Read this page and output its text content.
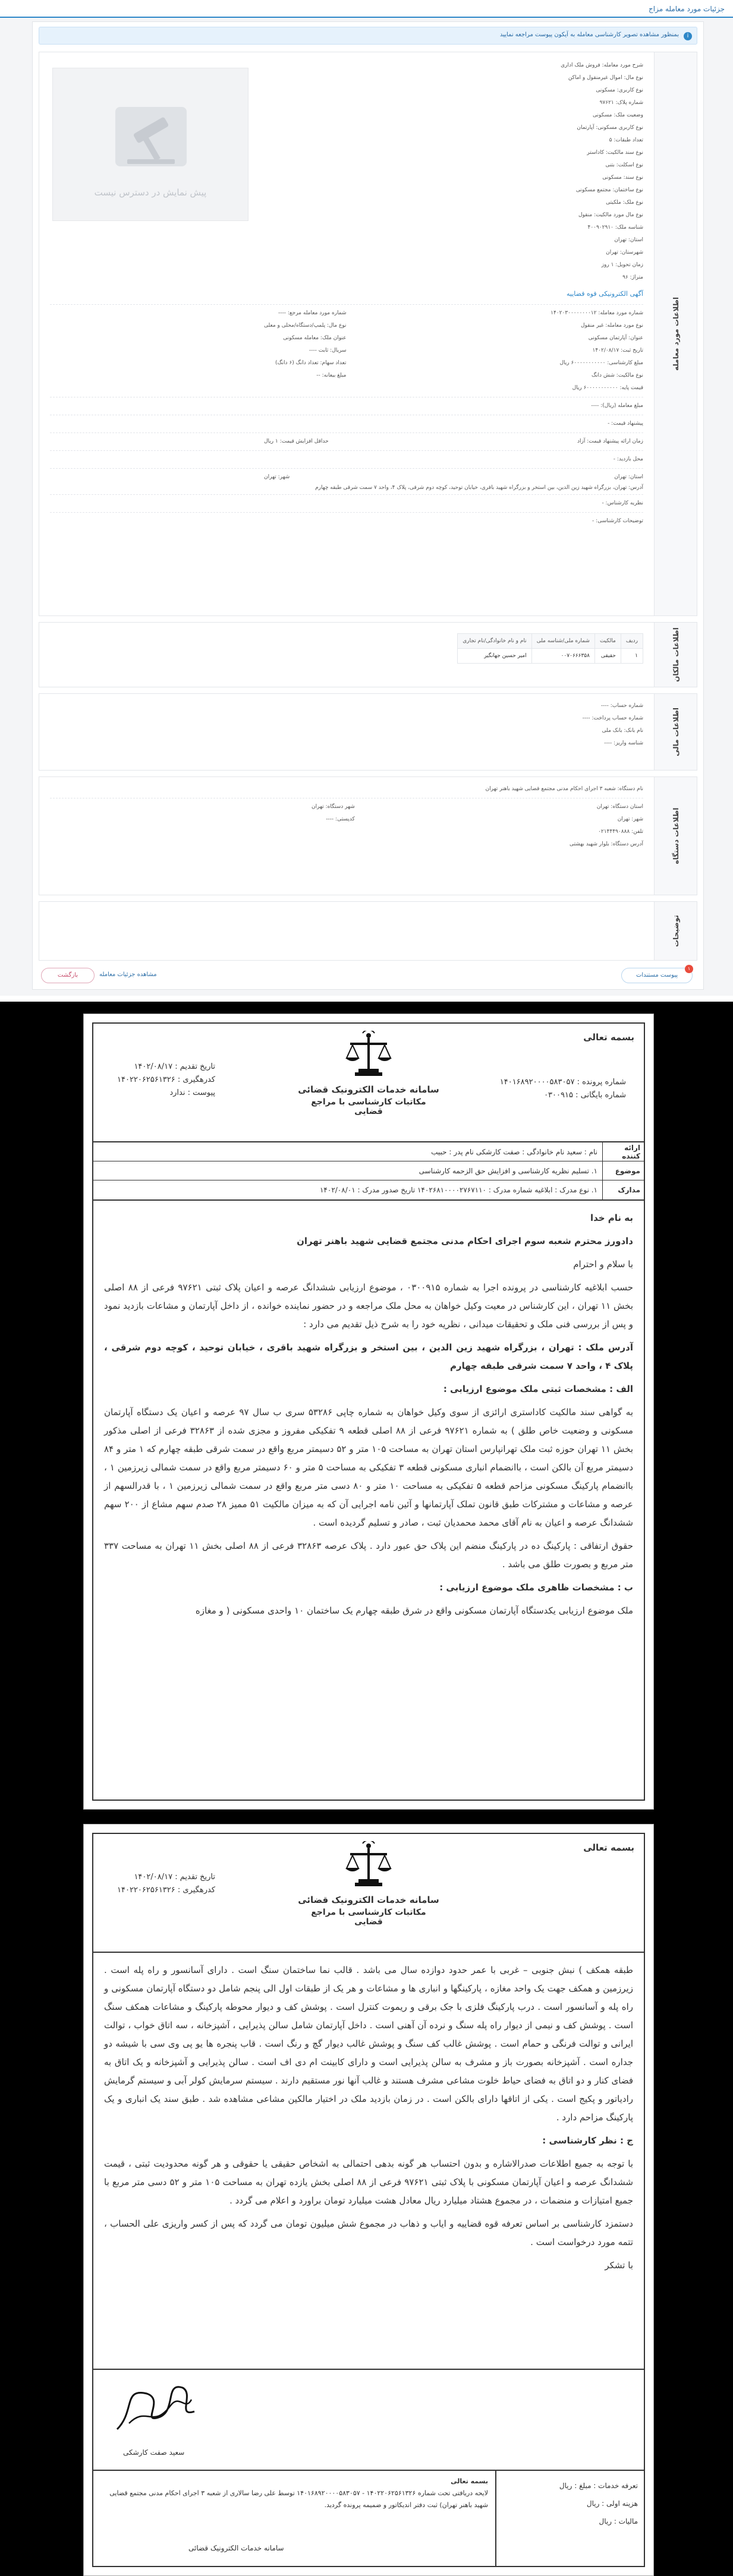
جزئیات مورد معامله مزاج
i
بمنظور مشاهده تصویر کارشناسی معامله به آیکون پیوست مراجعه نمایید
اطلاعات مورد معامله
شرح مورد معامله: فروش ملک اداری
نوع مال: اموال غیرمنقول و اماکن
نوع کاربری: مسکونی
شماره پلاک: ۹۷۶۲۱
وضعیت ملک: مسکونی
نوع کاربری مسکونی: آپارتمان
تعداد طبقات: ۵
نوع سند مالکیت: کاداستر
نوع اسکلت: بتنی
نوع سند: مسکونی
نوع ساختمان: مجتمع مسکونی
نوع ملک: ملکیتی
نوع مال مورد مالکیت: منقول
شناسه ملک: ۴۰۰۹۰۲۹۱۰
استان: تهران
شهرستان: تهران
زمان تحویل: ۱ روز
متراژ: ۹۶
آگهی الکترونیکی قوه قضاییه
پیش نمایش در دسترس نیست
شماره مورد معامله: ۱۴۰۲۰۳۰۰۰۰۰۰۰۰۱۲
نوع مورد معامله: غیر منقول
عنوان: آپارتمان مسکونی
تاریخ ثبت: ۱۴۰۲/۰۸/۱۷
مبلغ کارشناسی: ۶۰۰۰۰۰۰۰۰۰۰۰ ریال
نوع مالکیت: شش دانگ
قیمت پایه: ۶۰۰۰۰۰۰۰۰۰۰۰ ریال
شماره مورد معامله مرجع: ----
نوع مال: پلمپ/دستگاه/محلی و معلی
عنوان ملک: معامله مسکونی
سریال: ثابت ----
تعداد سهام: تعداد دانگ (۶ دانگ)
مبلغ بیعانه: --
مبلغ معامله (ریال): ----
پیشنهاد قیمت: -
زمان ارائه پیشنهاد قیمت: آزاد
حداقل افزایش قیمت: ۱ ریال
محل بازدید: -
استان: تهران
شهر: تهران
آدرس: تهران، بزرگراه شهید زین الدین، بین استخر و بزرگراه شهید باقری، خیابان توحید، کوچه دوم شرقی، پلاک ۴، واحد ۷ سمت شرقی طبقه چهارم
نظریه کارشناس: -
توضیحات کارشناسی: -
اطلاعات مالکان
ردیف	مالکیت	شماره ملی/شناسه ملی	نام و نام خانوادگی/نام تجاری
۱	حقیقی	۰۰۷۰۶۶۶۳۵۸	امیر حسین جهانگیر
اطلاعات مالی
شماره حساب: ----
شماره حساب پرداخت: ----
نام بانک: بانک ملی
شناسه واریز: ----
اطلاعات دستگاه
نام دستگاه: شعبه ۳ اجرای احکام مدنی مجتمع قضایی شهید باهنر تهران
استان دستگاه: تهران
شهر: تهران
تلفن: ۰۲۱۴۴۴۹۰۸۸۸
شهر دستگاه: تهران
کدپستی: ----
آدرس دستگاه: بلوار شهید بهشتی
توضیحات
پیوست مستندات
۱
مشاهده جزئیات معامله
بازگشت
بسمه تعالی
شماره پرونده : ۱۴۰۱۶۸۹۲۰۰۰۰۵۸۳۰۵۷
شماره بایگانی : ۰۳۰۰۹۱۵
سامانه خدمات الکترونیک قضائی
مکاتبات کارشناسی با مراجع قضایی
تاریخ تقدیم : ۱۴۰۲/۰۸/۱۷
کدرهگیری : ۱۴۰۲۲۰۶۲۵۶۱۳۲۶
پیوست : ندارد
ارائه کننده
نام : سعید نام خانوادگی : صفت کارشکی نام پدر : حبیب
موضوع
۱. تسلیم نظریه کارشناسی و افزایش حق الزحمه کارشناسی
مدارک
۱. نوع مدرک : ابلاغیه شماره مدرک : ۱۴۰۲۶۸۱۰۰۰۰۲۷۶۷۱۱۰ تاریخ صدور مدرک : ۱۴۰۲/۰۸/۰۱

به نام خدا

دادورز محترم شعبه سوم اجرای احکام مدنی مجتمع قضایی شهید باهنر تهران

با سلام و احترام

حسب ابلاغیه کارشناسی در پرونده اجرا به شماره ۰۳۰۰۹۱۵ ، موضوع ارزیابی ششدانگ عرصه و اعیان پلاک ثبتی ۹۷۶۲۱ فرعی از ۸۸ اصلی بخش ۱۱ تهران ، این کارشناس در معیت وکیل خواهان به محل ملک مراجعه و در حضور نماینده خوانده ، از داخل آپارتمان و مشاعات بازدید نمود و پس از بررسی فنی ملک و تحقیقات میدانی ، نظریه خود را به شرح ذیل تقدیم می دارد :

آدرس ملک : تهران ، بزرگراه شهید زین الدین ، بین استخر و بزرگراه شهید باقری ، خیابان توحید ، کوچه دوم شرقی ، پلاک ۴ ، واحد ۷ سمت شرقی طبقه چهارم

الف : مشخصات ثبتی ملک موضوع ارزیابی :

به گواهی سند مالکیت کاداستری ارائزی از سوی وکیل خواهان به شماره چاپی ۵۳۲۸۶ سری ب سال ۹۷ عرصه و اعیان یک دستگاه آپارتمان مسکونی و وضعیت خاص طلق ) به شماره ۹۷۶۲۱ فرعی از ۸۸ اصلی قطعه ۹ تفکیکی مفروز و مجزی شده از ۳۲۸۶۳ فرعی از اصلی مذکور بخش ۱۱ تهران حوزه ثبت ملک تهرانپارس استان تهران به مساحت ۱۰۵ متر و ۵۲ دسیمتر مربع واقع در سمت شرقی طبقه چهارم که ۱ متر و ۸۴ دسیمتر مربع آن بالکن است ، باانضمام انباری مسکونی قطعه ۳ تفکیکی به مساحت ۵ متر و ۶۰ دسیمتر مربع واقع در سمت شمالی زیرزمین ۱ ، باانضمام پارکینگ مسکونی مزاحم قطعه ۵ تفکیکی به مساحت ۱۰ متر و ۸۰ دسی متر مربع واقع در سمت شمالی زیرزمین ۱ ، با قدرالسهم از عرصه و مشاعات و مشترکات طبق قانون تملک آپارتمانها و آئین نامه اجرایی آن که به میزان مالکیت ۵۱ ممیز ۲۸ صدم سهم مشاع از ۲۰۰ سهم ششدانگ عرصه و اعیان به نام آقای محمد محمدیان ثبت ، صادر و تسلیم گردیده است .

حقوق ارتفاقی : پارکینگ ده در پارکینگ منضم این پلاک حق عبور دارد . پلاک عرصه ۳۲۸۶۳ فرعی از ۸۸ اصلی بخش ۱۱ تهران به مساحت ۳۳۷ متر مربع و بصورت طلق می باشد .

ب : مشخصات ظاهری ملک موضوع ارزیابی :

ملک موضوع ارزیابی یکدستگاه آپارتمان مسکونی واقع در شرق طبقه چهارم یک ساختمان ۱۰ واحدی مسکونی ( و مغازه

بسمه تعالی
سامانه خدمات الکترونیک قضائی
مکاتبات کارشناسی با مراجع قضایی
تاریخ تقدیم : ۱۴۰۲/۰۸/۱۷
کدرهگیری : ۱۴۰۲۲۰۶۲۵۶۱۳۲۶

طبقه همکف ) نبش جنوبی – غربی با عمر حدود دوازده سال می باشد . قالب نما ساختمان سنگ است . دارای آسانسور و راه پله است . زیرزمین و همکف جهت یک واحد مغازه ، پارکینگها و انباری ها و مشاعات و هر یک از طبقات اول الی پنجم شامل دو دستگاه آپارتمان مسکونی و راه پله و آسانسور است . درب پارکینگ فلزی با جک برقی و ریموت کنترل است . پوشش کف و دیوار محوطه پارکینگ و مشاعات همکف سنگ است . پوشش کف و نیمی از دیوار راه پله سنگ و نرده آن آهنی است . داخل آپارتمان شامل سالن پذیرایی ، آشپزخانه ، سه اتاق خواب ، توالت ایرانی و توالت فرنگی و حمام است . پوشش غالب کف سنگ و پوشش غالب دیوار گچ و رنگ است . قاب پنجره ها یو پی وی سی با شیشه دو جداره است . آشپزخانه بصورت باز و مشرف به سالن پذیرایی است و دارای کابینت ام دی اف است . سالن پذیرایی و آشپزخانه و یک اتاق به فضای کنار و دو اتاق به فضای حیاط خلوت مشاعی مشرف هستند و غالب آنها نور مستقیم دارند . سیستم سرمایش کولر آبی و سیستم گرمایش رادیاتور و پکیج است . یکی از اتاقها دارای بالکن است . در زمان بازدید ملک در اختیار مالکین مشاعی مشاهده شد . طبق سند یک انباری و یک پارکینگ مزاحم دارد .

ج : نظر کارشناسی :

با توجه به جمیع اطلاعات صدرالاشاره و بدون احتساب هر گونه بدهی احتمالی به اشخاص حقیقی یا حقوقی و هر گونه محدودیت ثبتی ، قیمت ششدانگ عرصه و اعیان آپارتمان مسکونی با پلاک ثبتی ۹۷۶۲۱ فرعی از ۸۸ اصلی بخش یازده تهران به مساحت ۱۰۵ متر و ۵۲ دسی متر مربع با جمیع امتیازات و منضمات ، در مجموع هشتاد میلیارد ریال معادل هشت میلیارد تومان براورد و اعلام می گردد .

دستمزد کارشناسی بر اساس تعرفه قوه قضاییه و ایاب و ذهاب در مجموع شش میلیون تومان می گردد که پس از کسر واریزی علی الحساب ، تتمه مورد درخواست است .

با تشکر

سعید صفت کارشکی
تعرفه خدمات : مبلغ : ریال
هزینه اولی : ریال
مالیات : ریال
بسمه تعالی
لایحه دریافتی تحت شماره ۱۴۰۲۲۰۶۲۵۶۱۳۲۶ - ۱۴۰۱۶۸۹۲۰۰۰۰۵۸۳۰۵۷ توسط علی رضا سالاری از شعبه ۳ اجرای احکام مدنی مجتمع قضایی شهید باهنر تهران) ثبت دفتر اندیکاتور و ضمیمه پرونده گردید.
سامانه خدمات الکترونیک قضائی
